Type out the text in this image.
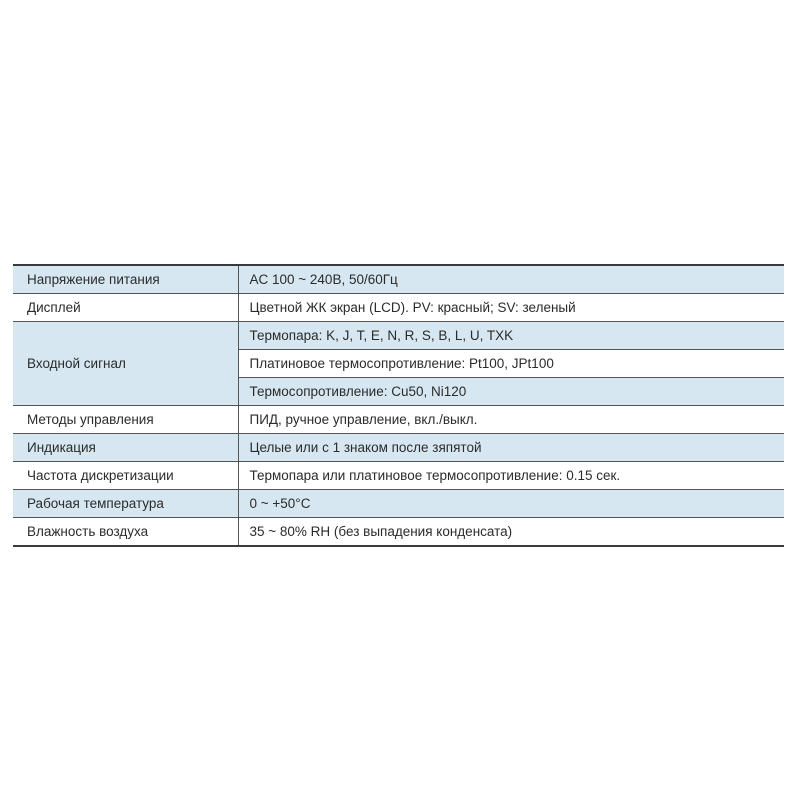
Напряжение питания	AC 100 ~ 240В, 50/60Гц
Дисплей	Цветной ЖК экран (LCD). PV: красный; SV: зеленый
Входной сигнал	Термопара: K, J, T, E, N, R, S, B, L, U, TXK
	Платиновое термосопротивление: Pt100, JPt100
	Термосопротивление: Cu50, Ni120
Методы управления	ПИД, ручное управление, вкл./выкл.
Индикация	Целые или с 1 знаком после зяпятой
Частота дискретизации	Термопара или платиновое термосопротивление: 0.15 сек.
Рабочая температура	0 ~ +50°C
Влажность воздуха	35 ~ 80% RH (без выпадения конденсата)
